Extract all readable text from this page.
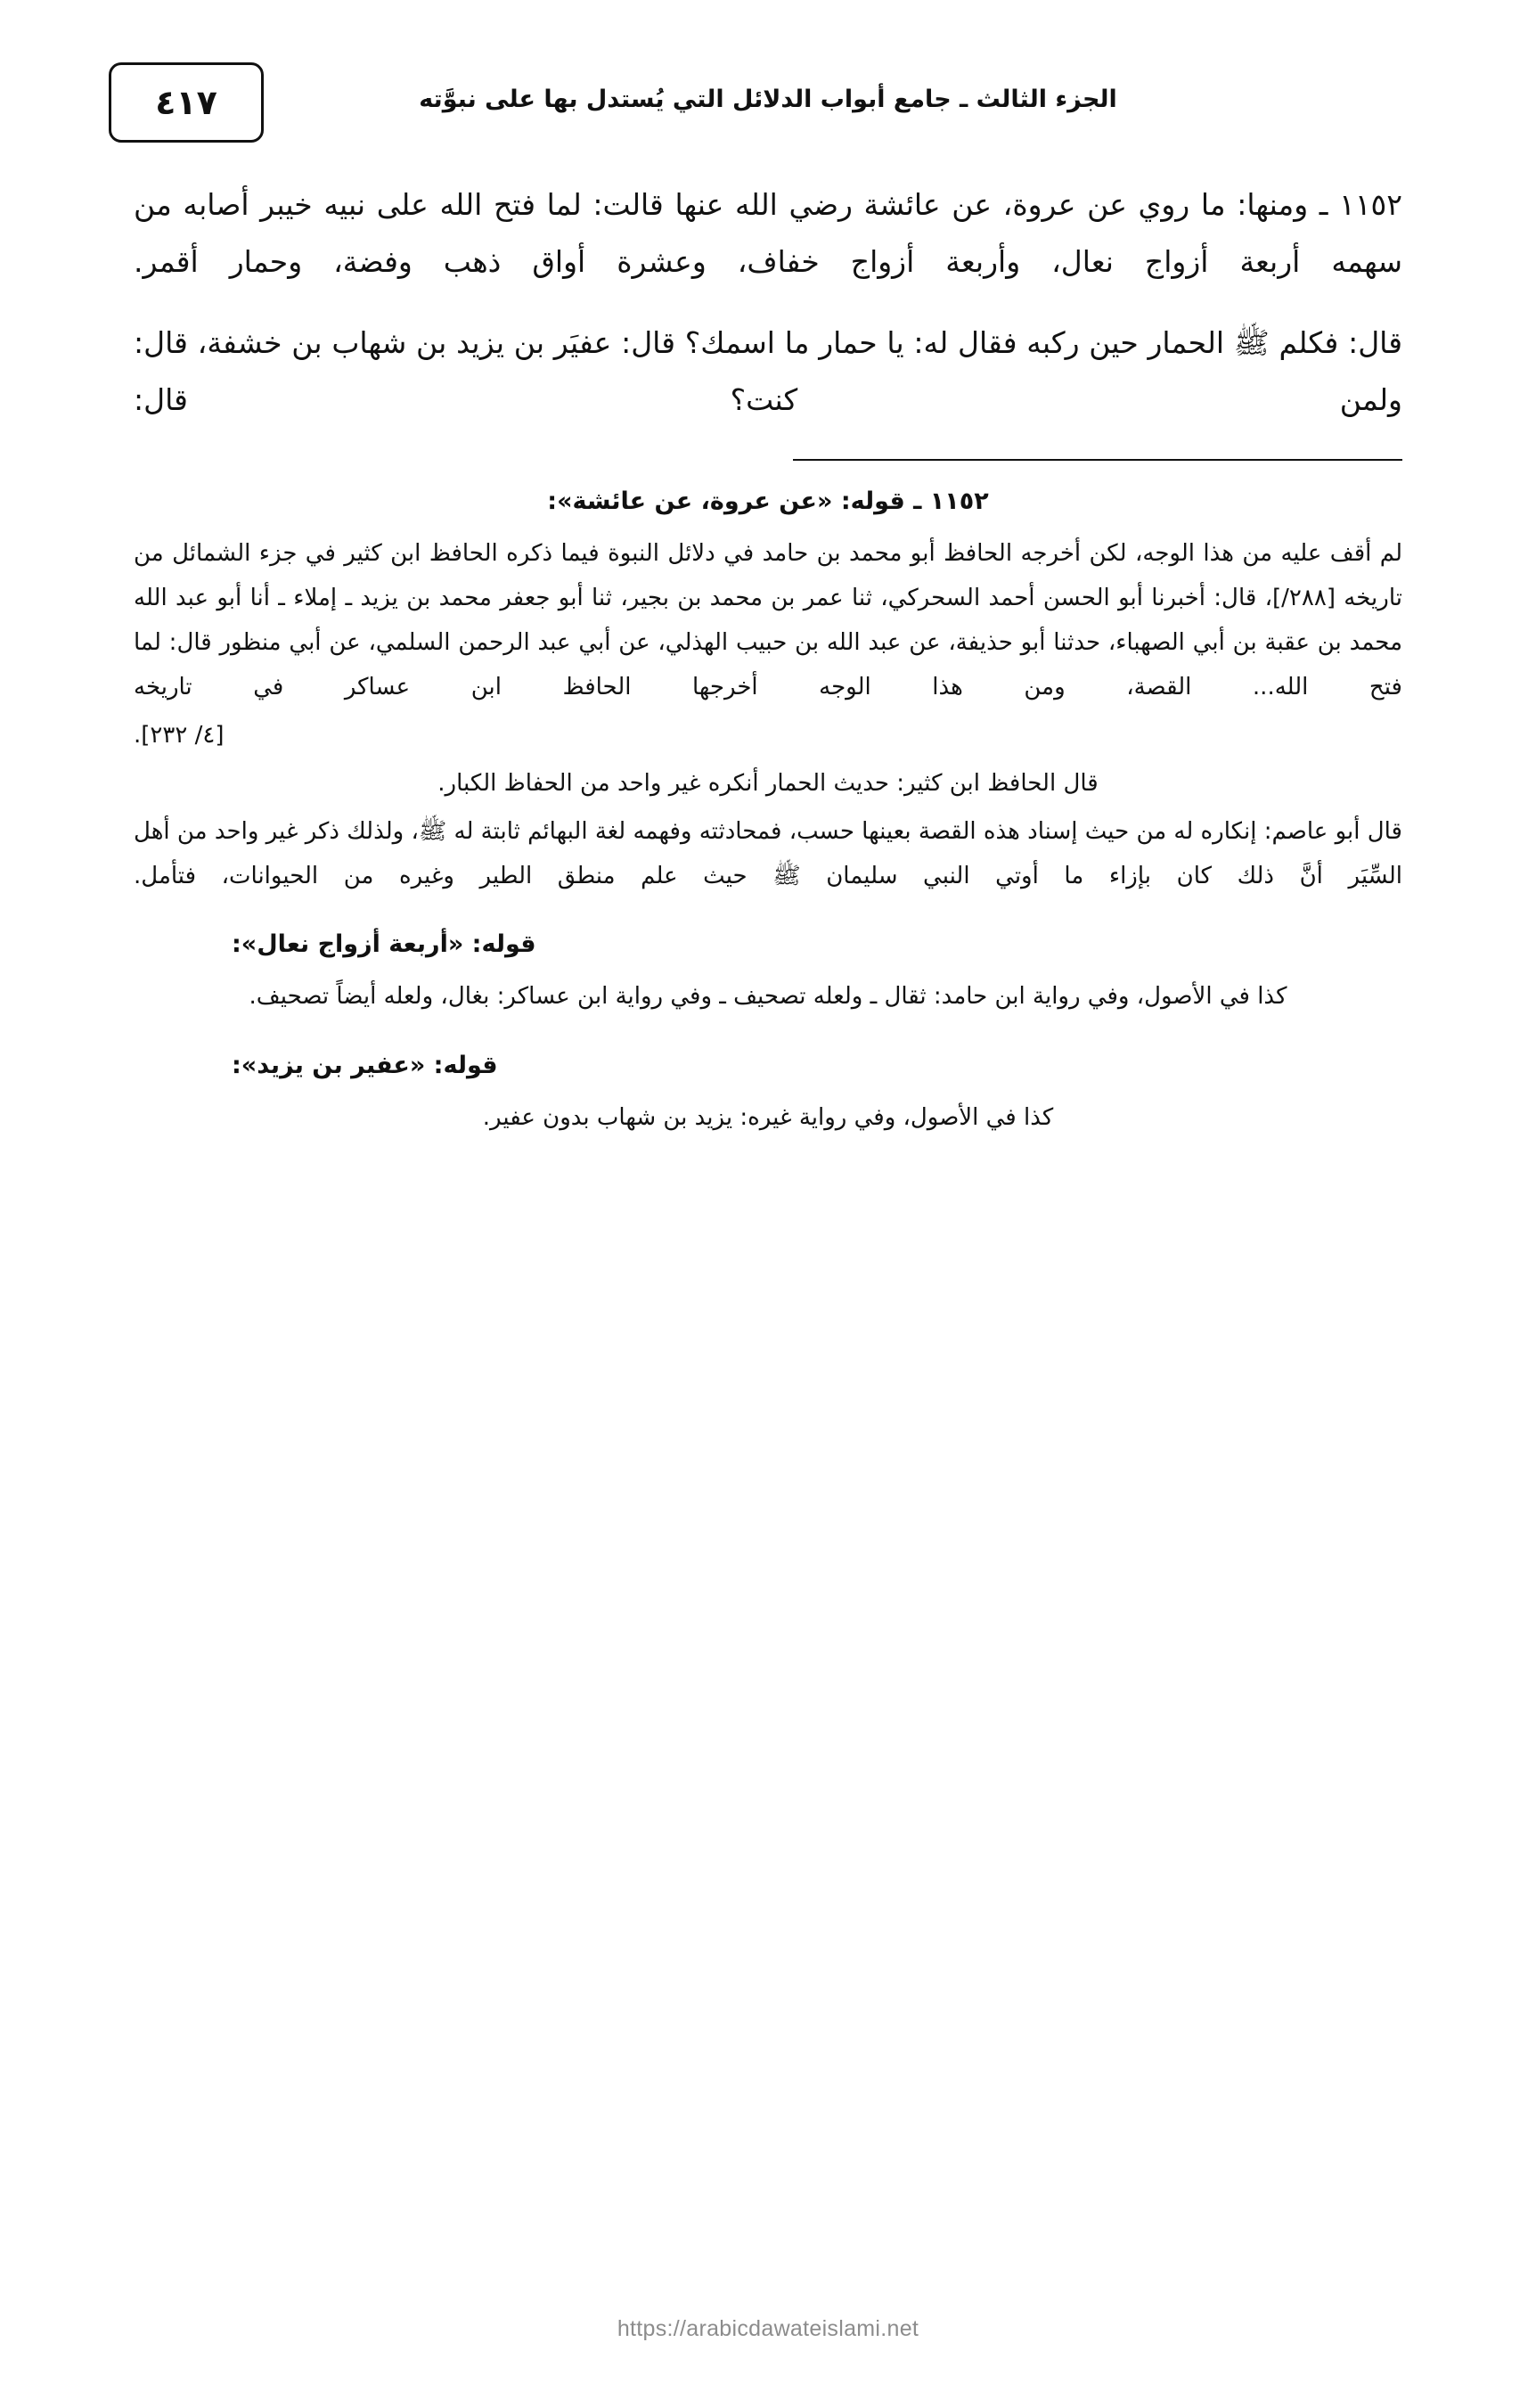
الجزء الثالث ـ جامع أبواب الدلائل التي يُستدل بها على نبوَّته
٤١٧

١١٥٢ ـ ومنها: ما روي عن عروة، عن عائشة رضي الله عنها قالت: لما فتح الله على نبيه خيبر أصابه من سهمه أربعة أزواج نعال، وأربعة أزواج خفاف، وعشرة أواق ذهب وفضة، وحمار أقمر.

قال: فكلم ﷺ الحمار حين ركبه فقال له: يا حمار ما اسمك؟ قال: عفيَر بن يزيد بن شهاب بن خشفة، قال: ولمن كنت؟ قال:

١١٥٢ ـ قوله: «عن عروة، عن عائشة»:

لم أقف عليه من هذا الوجه، لكن أخرجه الحافظ أبو محمد بن حامد في دلائل النبوة فيما ذكره الحافظ ابن كثير في جزء الشمائل من تاريخه [٢٨٨/]، قال: أخبرنا أبو الحسن أحمد السحركي، ثنا عمر بن محمد بن بجير، ثنا أبو جعفر محمد بن يزيد ـ إملاء ـ أنا أبو عبد الله محمد بن عقبة بن أبي الصهباء، حدثنا أبو حذيفة، عن عبد الله بن حبيب الهذلي، عن أبي عبد الرحمن السلمي، عن أبي منظور قال: لما فتح الله... القصة، ومن هذا الوجه أخرجها الحافظ ابن عساكر في تاريخه

[٤/ ٢٣٢].

قال الحافظ ابن كثير: حديث الحمار أنكره غير واحد من الحفاظ الكبار.

قال أبو عاصم: إنكاره له من حيث إسناد هذه القصة بعينها حسب، فمحادثته وفهمه لغة البهائم ثابتة له ﷺ، ولذلك ذكر غير واحد من أهل السِّيَر أنَّ ذلك كان بإزاء ما أوتي النبي سليمان ﷺ حيث علم منطق الطير وغيره من الحيوانات، فتأمل.

قوله: «أربعة أزواج نعال»:

كذا في الأصول، وفي رواية ابن حامد: ثقال ـ ولعله تصحيف ـ وفي رواية ابن عساكر: بغال، ولعله أيضاً تصحيف.

قوله: «عفير بن يزيد»:

كذا في الأصول، وفي رواية غيره: يزيد بن شهاب بدون عفير.

https://arabicdawateislami.net
